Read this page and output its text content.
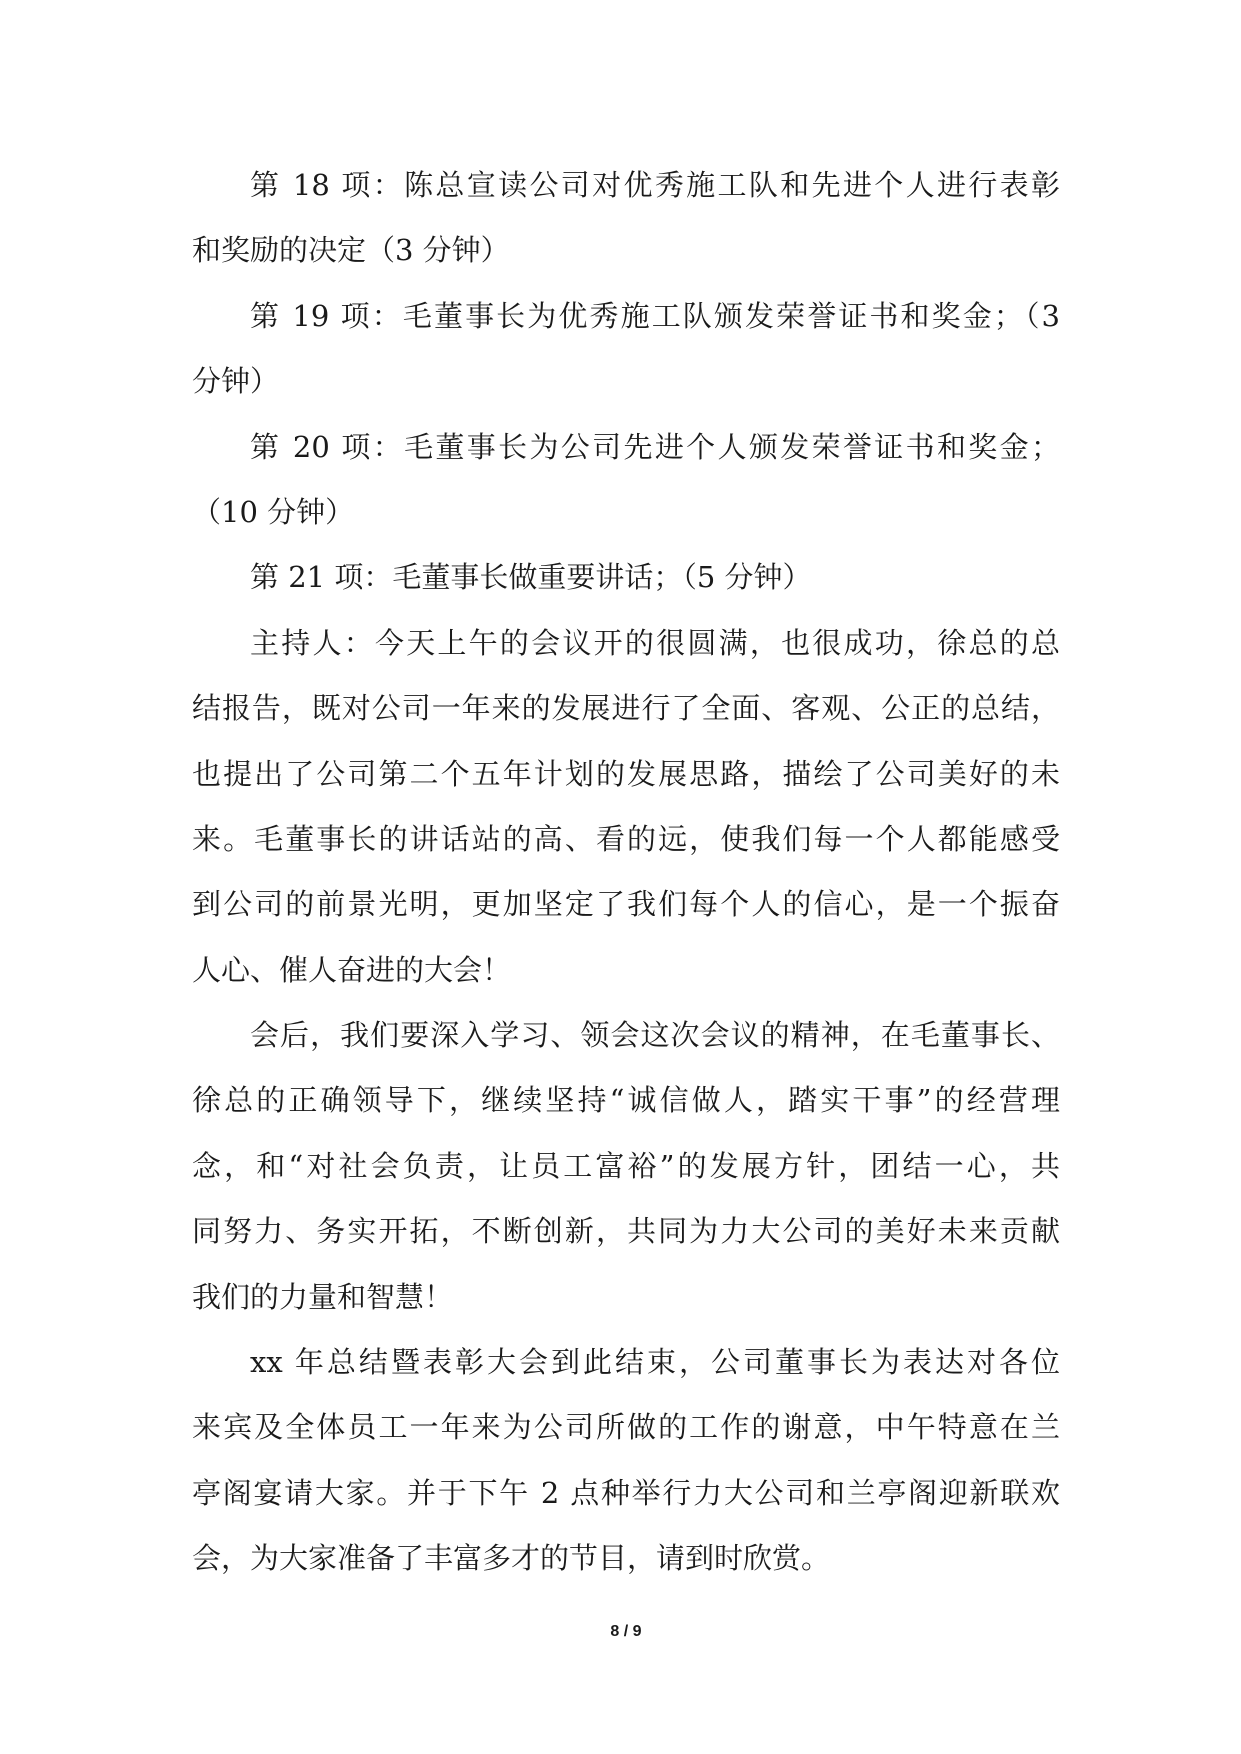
第 18 项：陈总宣读公司对优秀施工队和先进个人进行表彰
和奖励的决定（3 分钟）
第 19 项：毛董事长为优秀施工队颁发荣誉证书和奖金；（3
分钟）
第 20 项：毛董事长为公司先进个人颁发荣誉证书和奖金；
（10 分钟）
第 21 项：毛董事长做重要讲话；（5 分钟）
主持人：今天上午的会议开的很圆满，也很成功，徐总的总
结报告，既对公司一年来的发展进行了全面、客观、公正的总结，
也提出了公司第二个五年计划的发展思路，描绘了公司美好的未
来。毛董事长的讲话站的高、看的远，使我们每一个人都能感受
到公司的前景光明，更加坚定了我们每个人的信心，是一个振奋
人心、催人奋进的大会！
会后，我们要深入学习、领会这次会议的精神，在毛董事长、
徐总的正确领导下，继续坚持“诚信做人，踏实干事”的经营理
念，和“对社会负责，让员工富裕”的发展方针，团结一心，共
同努力、务实开拓，不断创新，共同为力大公司的美好未来贡献
我们的力量和智慧！
xx 年总结暨表彰大会到此结束，公司董事长为表达对各位
来宾及全体员工一年来为公司所做的工作的谢意，中午特意在兰
亭阁宴请大家。并于下午 2 点种举行力大公司和兰亭阁迎新联欢
会，为大家准备了丰富多才的节目，请到时欣赏。
8 / 9
